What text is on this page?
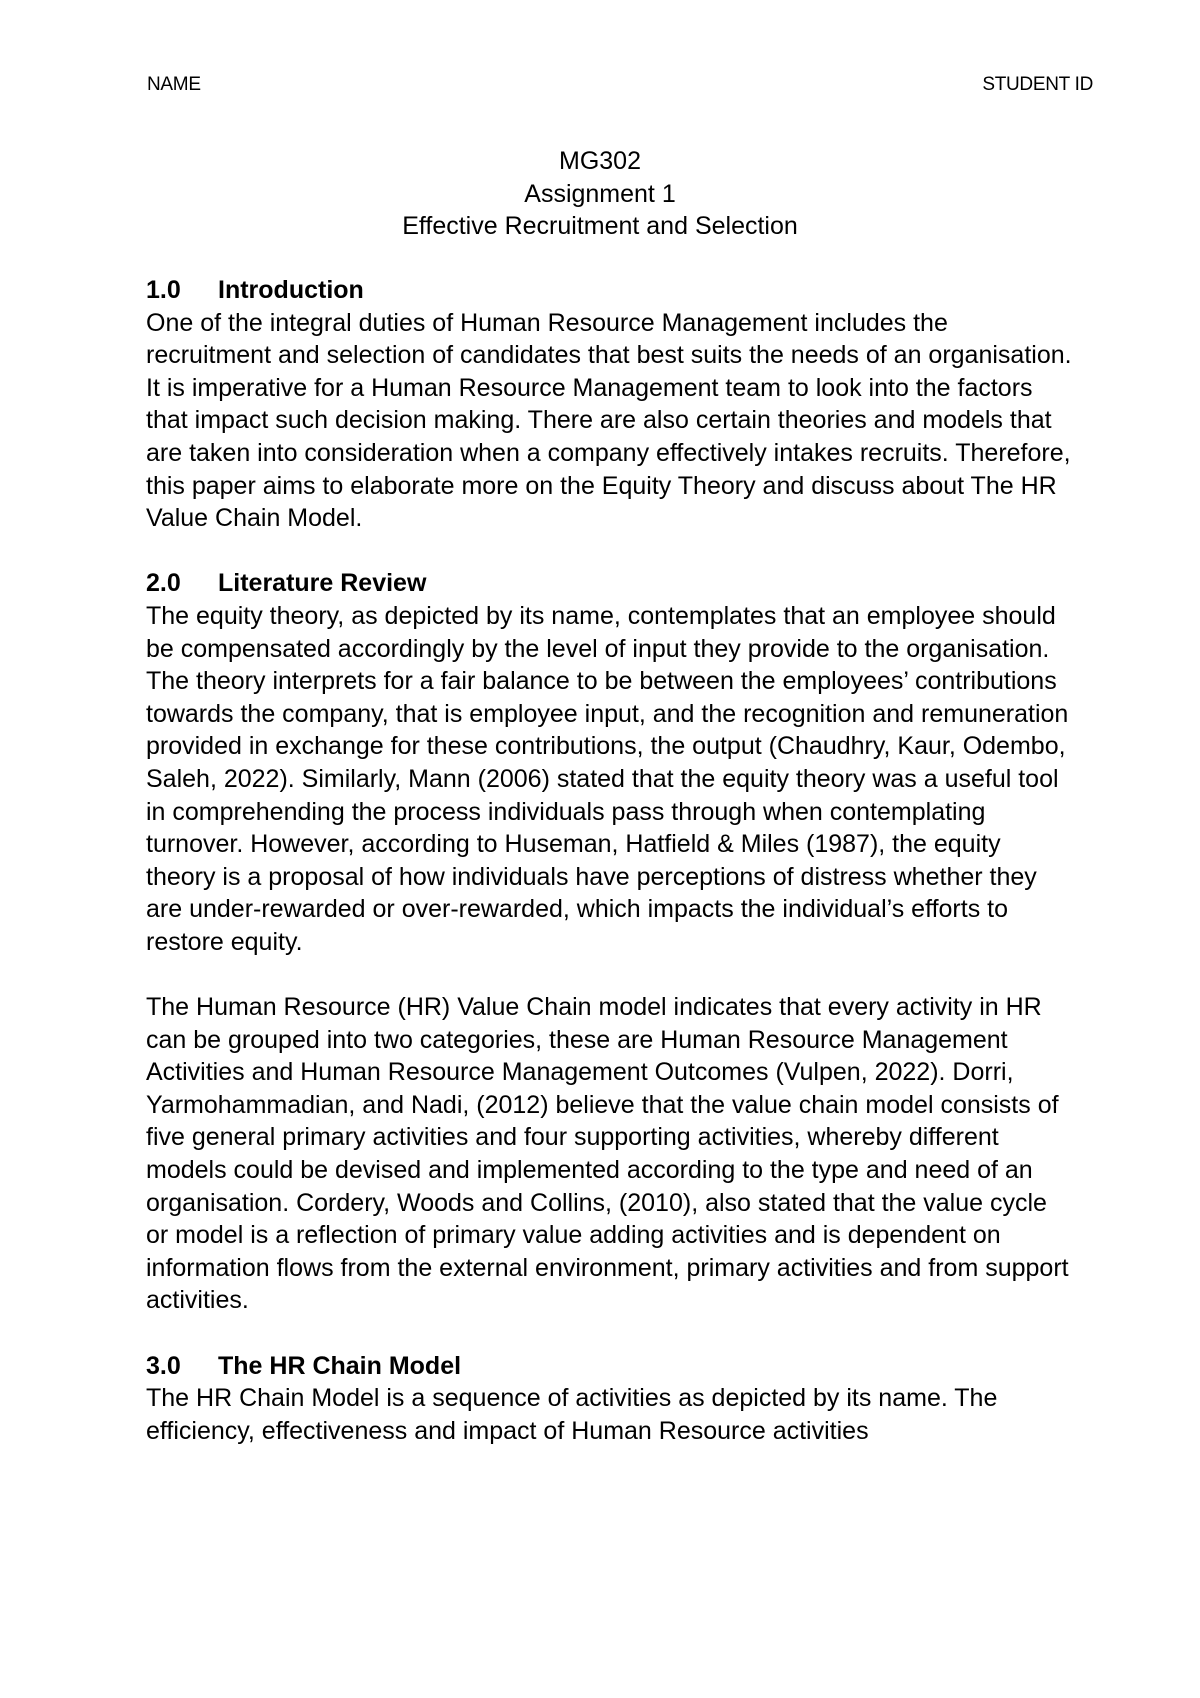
NAME	STUDENT ID
MG302
Assignment 1
Effective Recruitment and Selection
1.0 Introduction

One of the integral duties of Human Resource Management includes the recruitment and selection of candidates that best suits the needs of an organisation. It is imperative for a Human Resource Management team to look into the factors that impact such decision making. There are also certain theories and models that are taken into consideration when a company effectively intakes recruits. Therefore, this paper aims to elaborate more on the Equity Theory and discuss about The HR Value Chain Model.

2.0 Literature Review

The equity theory, as depicted by its name, contemplates that an employee should be compensated accordingly by the level of input they provide to the organisation. The theory interprets for a fair balance to be between the employees’ contributions towards the company, that is employee input, and the recognition and remuneration provided in exchange for these contributions, the output (Chaudhry, Kaur, Odembo, Saleh, 2022). Similarly, Mann (2006) stated that the equity theory was a useful tool in comprehending the process individuals pass through when contemplating turnover. However, according to Huseman, Hatfield & Miles (1987), the equity theory is a proposal of how individuals have perceptions of distress whether they are under-rewarded or over-rewarded, which impacts the individual’s efforts to restore equity.

The Human Resource (HR) Value Chain model indicates that every activity in HR can be grouped into two categories, these are Human Resource Management Activities and Human Resource Management Outcomes (Vulpen, 2022). Dorri, Yarmohammadian, and Nadi, (2012) believe that the value chain model consists of five general primary activities and four supporting activities, whereby different models could be devised and implemented according to the type and need of an organisation. Cordery, Woods and Collins, (2010), also stated that the value cycle or model is a reflection of primary value adding activities and is dependent on information flows from the external environment, primary activities and from support activities.

3.0 The HR Chain Model

The HR Chain Model is a sequence of activities as depicted by its name. The efficiency, effectiveness and impact of Human Resource activities
